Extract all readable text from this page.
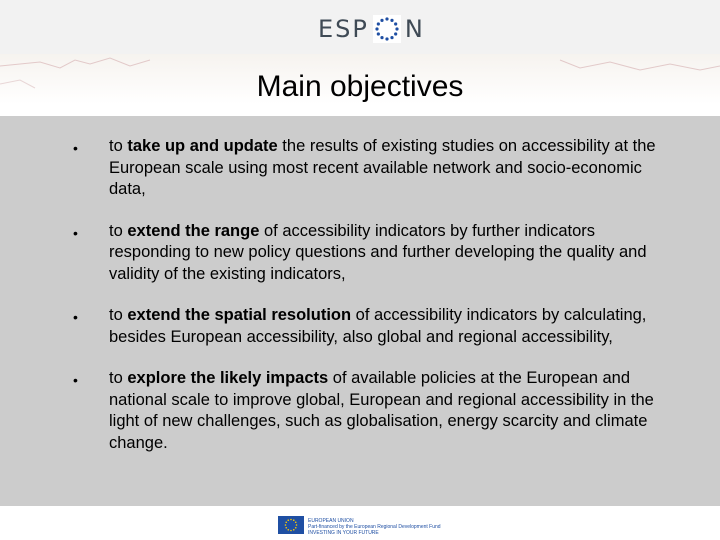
ESP N
Main objectives
• to take up and update the results of existing studies on accessibility at the European scale using most recent available network and socio-economic data,
• to extend the range of accessibility indicators by further indicators responding to new policy questions and further developing the quality and validity of the existing indicators,
• to extend the spatial resolution of accessibility indicators by calculating, besides European accessibility, also global and regional accessibility,
• to explore the likely impacts of available policies at the European and national scale to improve global, European and regional accessibility in the light of new challenges, such as globalisation, energy scarcity and climate change.
EUROPEAN UNION
Part-financed by the European Regional Development Fund
INVESTING IN YOUR FUTURE
